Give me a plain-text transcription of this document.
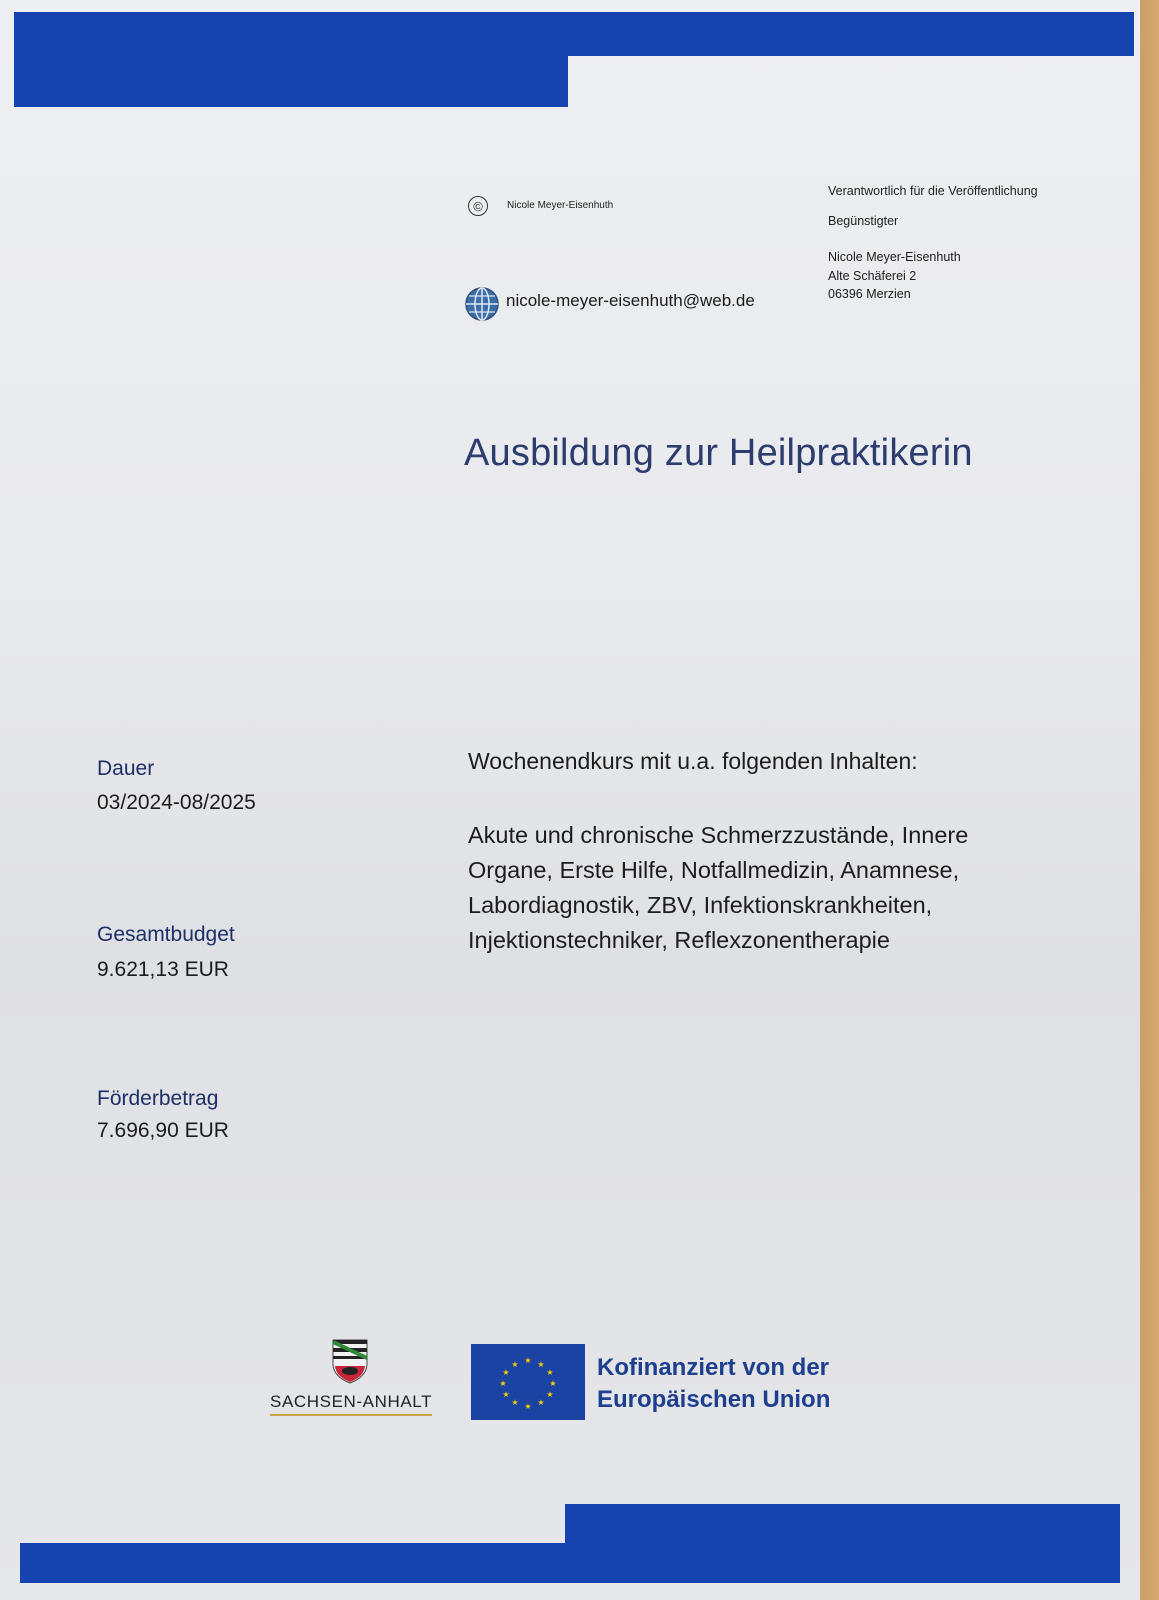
©	Nicole Meyer-Eisenhuth

nicole-meyer-eisenhuth@web.de

Verantwortlich für die Veröffentlichung

Begünstigter

Nicole Meyer-Eisenhuth
Alte Schäferei 2
06396 Merzien
Ausbildung zur Heilpraktikerin

Dauer

03/2024-08/2025

Gesamtbudget

9.621,13 EUR

Förderbetrag

7.696,90 EUR

Wochenendkurs mit u.a. folgenden Inhalten:

Akute und chronische Schmerzzustände, Innere Organe, Erste Hilfe, Notfallmedizin, Anamnese, Labordiagnostik, ZBV, Infektionskrankheiten, Injektionstechniker, Reflexzonentherapie

SACHSEN-ANHALT

★ ★
★
★
★
★
★
★
★
★
★
★	Kofinanziert von der
Europäischen Union
